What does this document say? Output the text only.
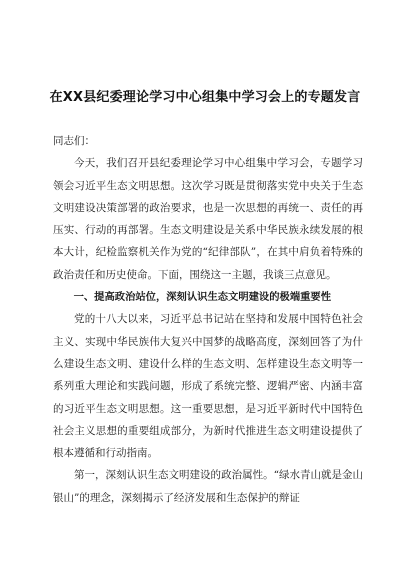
在XX县纪委理论学习中心组集中学习会上的专题发言

同志们：

今天，我们召开县纪委理论学习中心组集中学习会，专题学习领会习近平生态文明思想。这次学习既是贯彻落实党中央关于生态文明建设决策部署的政治要求，也是一次思想的再统一、责任的再压实、行动的再部署。生态文明建设是关系中华民族永续发展的根本大计，纪检监察机关作为党的“纪律部队”，在其中肩负着特殊的政治责任和历史使命。下面，围绕这一主题，我谈三点意见。

一、提高政治站位，深刻认识生态文明建设的极端重要性

党的十八大以来，习近平总书记站在坚持和发展中国特色社会主义、实现中华民族伟大复兴中国梦的战略高度，深刻回答了为什么建设生态文明、建设什么样的生态文明、怎样建设生态文明等一系列重大理论和实践问题，形成了系统完整、逻辑严密、内涵丰富的习近平生态文明思想。这一重要思想，是习近平新时代中国特色社会主义思想的重要组成部分，为新时代推进生态文明建设提供了根本遵循和行动指南。

第一，深刻认识生态文明建设的政治属性。“绿水青山就是金山银山”的理念，深刻揭示了经济发展和生态保护的辩证
